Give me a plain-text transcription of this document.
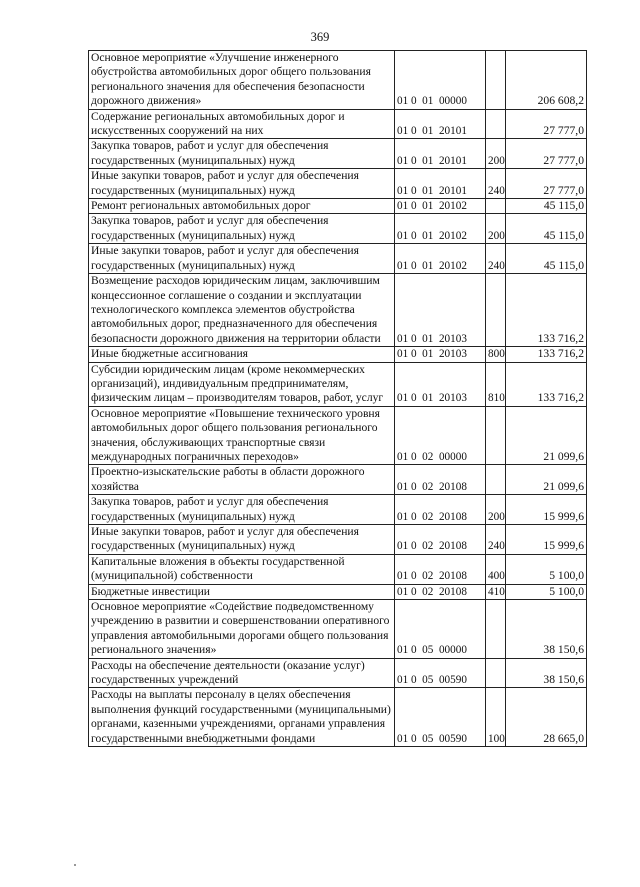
369
Основное мероприятие «Улучшение инженерного обустройства автомобильных дорог общего пользования регионального значения для обеспечения безопасности дорожного движения»	01 0  01  00000		206 608,2
Содержание региональных автомобильных дорог и искусственных сооружений на них	01 0  01  20101		27 777,0
Закупка товаров, работ и услуг для обеспечения государственных (муниципальных) нужд	01 0  01  20101	200	27 777,0
Иные закупки товаров, работ и услуг для обеспечения государственных (муниципальных) нужд	01 0  01  20101	240	27 777,0
Ремонт региональных автомобильных дорог	01 0  01  20102		45 115,0
Закупка товаров, работ и услуг для обеспечения государственных (муниципальных) нужд	01 0  01  20102	200	45 115,0
Иные закупки товаров, работ и услуг для обеспечения государственных (муниципальных) нужд	01 0  01  20102	240	45 115,0
Возмещение расходов юридическим лицам, заключившим концессионное соглашение о создании и эксплуатации технологического комплекса элементов обустройства автомобильных дорог, предназначенного для обеспечения безопасности дорожного движения на территории области	01 0  01  20103		133 716,2
Иные бюджетные ассигнования	01 0  01  20103	800	133 716,2
Субсидии юридическим лицам (кроме некоммерческих организаций), индивидуальным предпринимателям, физическим лицам – производителям товаров, работ, услуг	01 0  01  20103	810	133 716,2
Основное мероприятие «Повышение технического уровня автомобильных дорог общего пользования регионального значения, обслуживающих транспортные связи международных пограничных переходов»	01 0  02  00000		21 099,6
Проектно-изыскательские работы в области дорожного хозяйства	01 0  02  20108		21 099,6
Закупка товаров, работ и услуг для обеспечения государственных (муниципальных) нужд	01 0  02  20108	200	15 999,6
Иные закупки товаров, работ и услуг для обеспечения государственных (муниципальных) нужд	01 0  02  20108	240	15 999,6
Капитальные вложения в объекты государственной (муниципальной) собственности	01 0  02  20108	400	5 100,0
Бюджетные инвестиции	01 0  02  20108	410	5 100,0
Основное мероприятие «Содействие подведомственному учреждению в развитии и совершенствовании оперативного управления автомобильными дорогами общего пользования регионального значения»	01 0  05  00000		38 150,6
Расходы на обеспечение деятельности (оказание услуг) государственных учреждений	01 0  05  00590		38 150,6
Расходы на выплаты персоналу в целях обеспечения выполнения функций государственными (муниципальными) органами, казенными учреждениями, органами управления государственными внебюджетными фондами	01 0  05  00590	100	28 665,0
